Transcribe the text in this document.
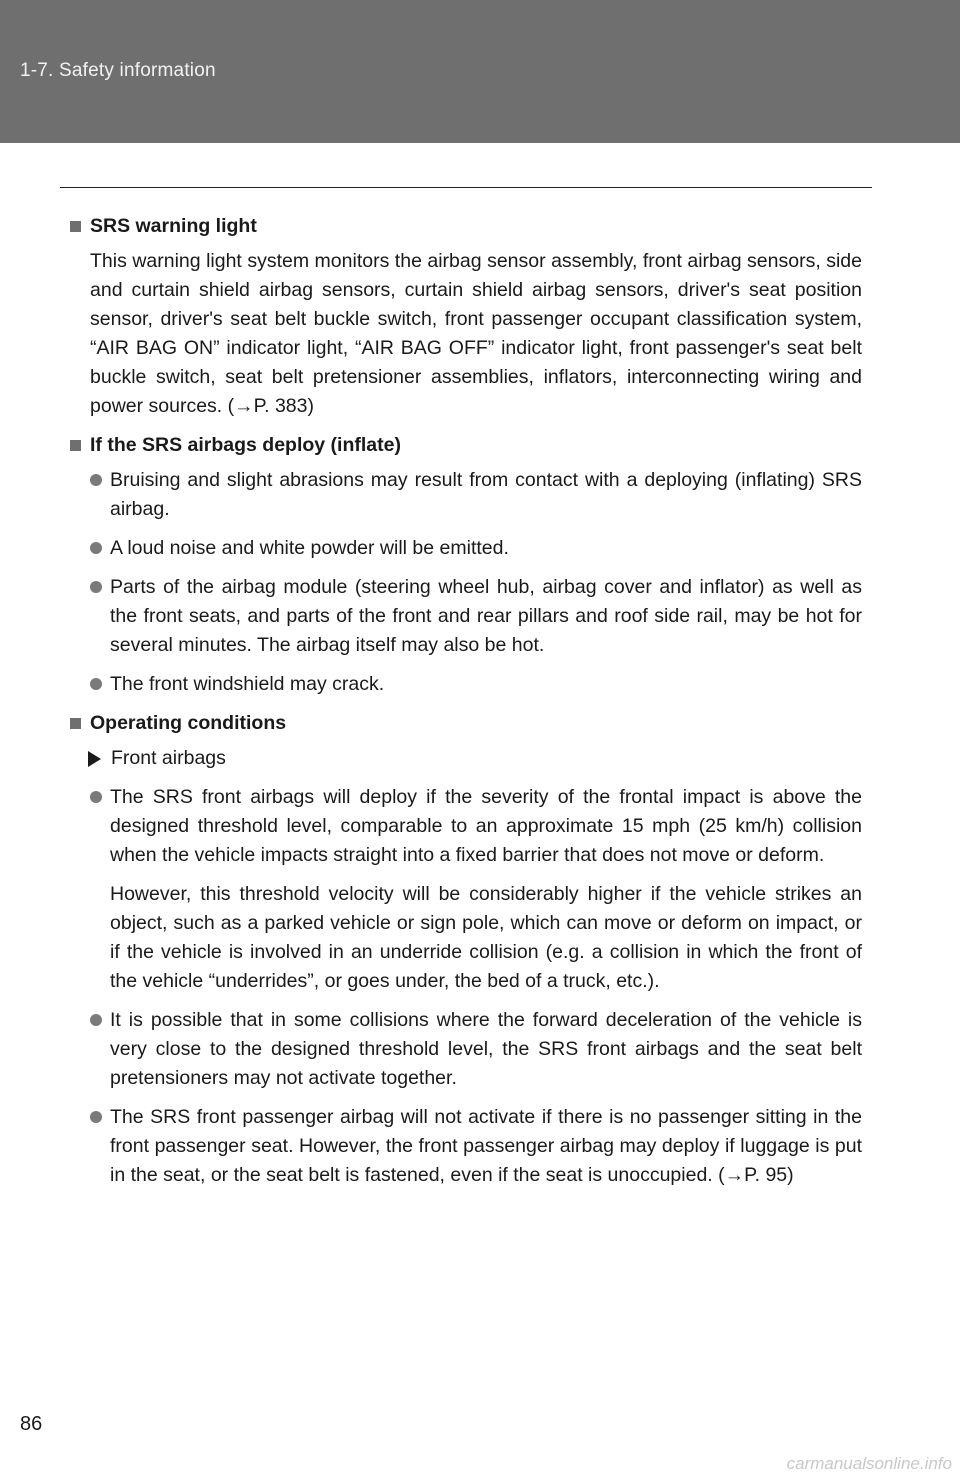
1-7. Safety information
SRS warning light
This warning light system monitors the airbag sensor assembly, front airbag sensors, side and curtain shield airbag sensors, curtain shield airbag sensors, driver's seat position sensor, driver's seat belt buckle switch, front passenger occupant classification system, “AIR BAG ON” indicator light, “AIR BAG OFF” indicator light, front passenger's seat belt buckle switch, seat belt pretensioner assemblies, inflators, interconnecting wiring and power sources. (→P. 383)
If the SRS airbags deploy (inflate)
Bruising and slight abrasions may result from contact with a deploying (inflating) SRS airbag.
A loud noise and white powder will be emitted.
Parts of the airbag module (steering wheel hub, airbag cover and inflator) as well as the front seats, and parts of the front and rear pillars and roof side rail, may be hot for several minutes. The airbag itself may also be hot.
The front windshield may crack.
Operating conditions
Front airbags
The SRS front airbags will deploy if the severity of the frontal impact is above the designed threshold level, comparable to an approximate 15 mph (25 km/h) collision when the vehicle impacts straight into a fixed barrier that does not move or deform.
However, this threshold velocity will be considerably higher if the vehicle strikes an object, such as a parked vehicle or sign pole, which can move or deform on impact, or if the vehicle is involved in an underride collision (e.g. a collision in which the front of the vehicle “underrides”, or goes under, the bed of a truck, etc.).
It is possible that in some collisions where the forward deceleration of the vehicle is very close to the designed threshold level, the SRS front airbags and the seat belt pretensioners may not activate together.
The SRS front passenger airbag will not activate if there is no passenger sitting in the front passenger seat. However, the front passenger airbag may deploy if luggage is put in the seat, or the seat belt is fastened, even if the seat is unoccupied. (→P. 95)
86
carmanualsonline.info
